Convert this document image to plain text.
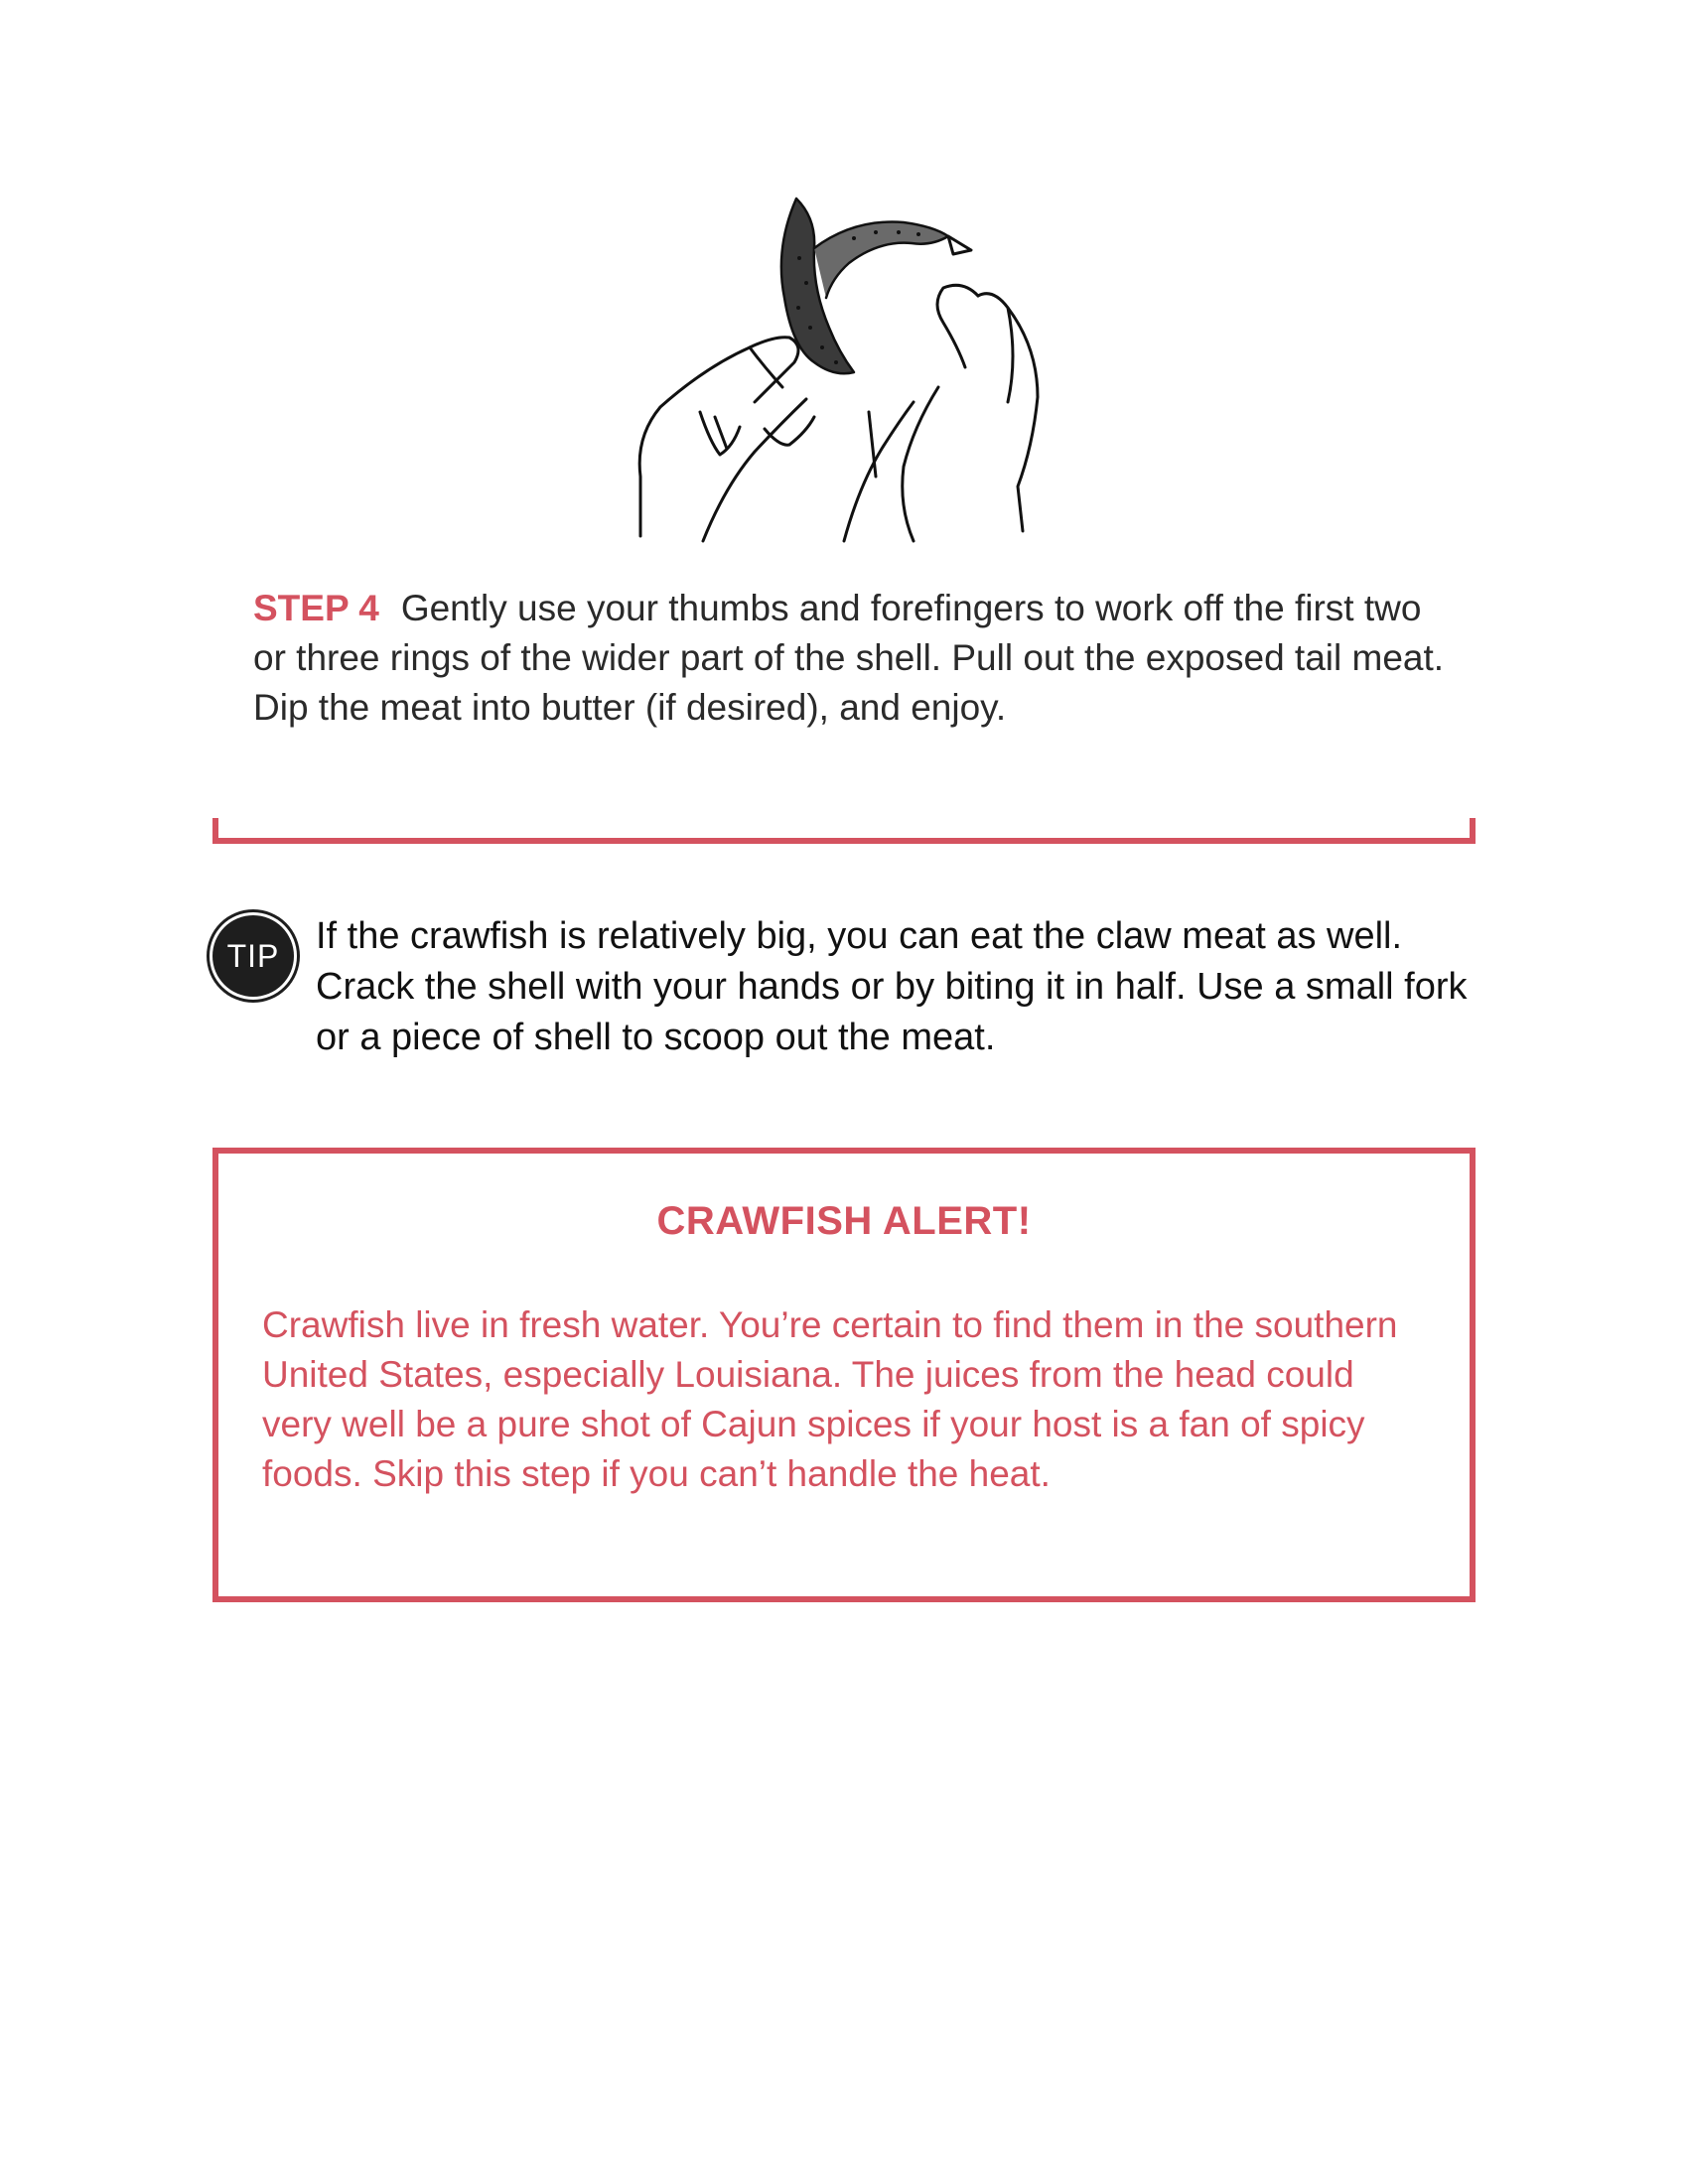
STEP 4 Gently use your thumbs and forefingers to work off the first two or three rings of the wider part of the shell. Pull out the exposed tail meat. Dip the meat into butter (if desired), and enjoy.
TIP If the crawfish is relatively big, you can eat the claw meat as well. Crack the shell with your hands or by biting it in half. Use a small fork or a piece of shell to scoop out the meat.
CRAWFISH ALERT!
Crawfish live in fresh water. You’re certain to find them in the southern United States, especially Louisiana. The juices from the head could very well be a pure shot of Cajun spices if your host is a fan of spicy foods. Skip this step if you can’t handle the heat.
